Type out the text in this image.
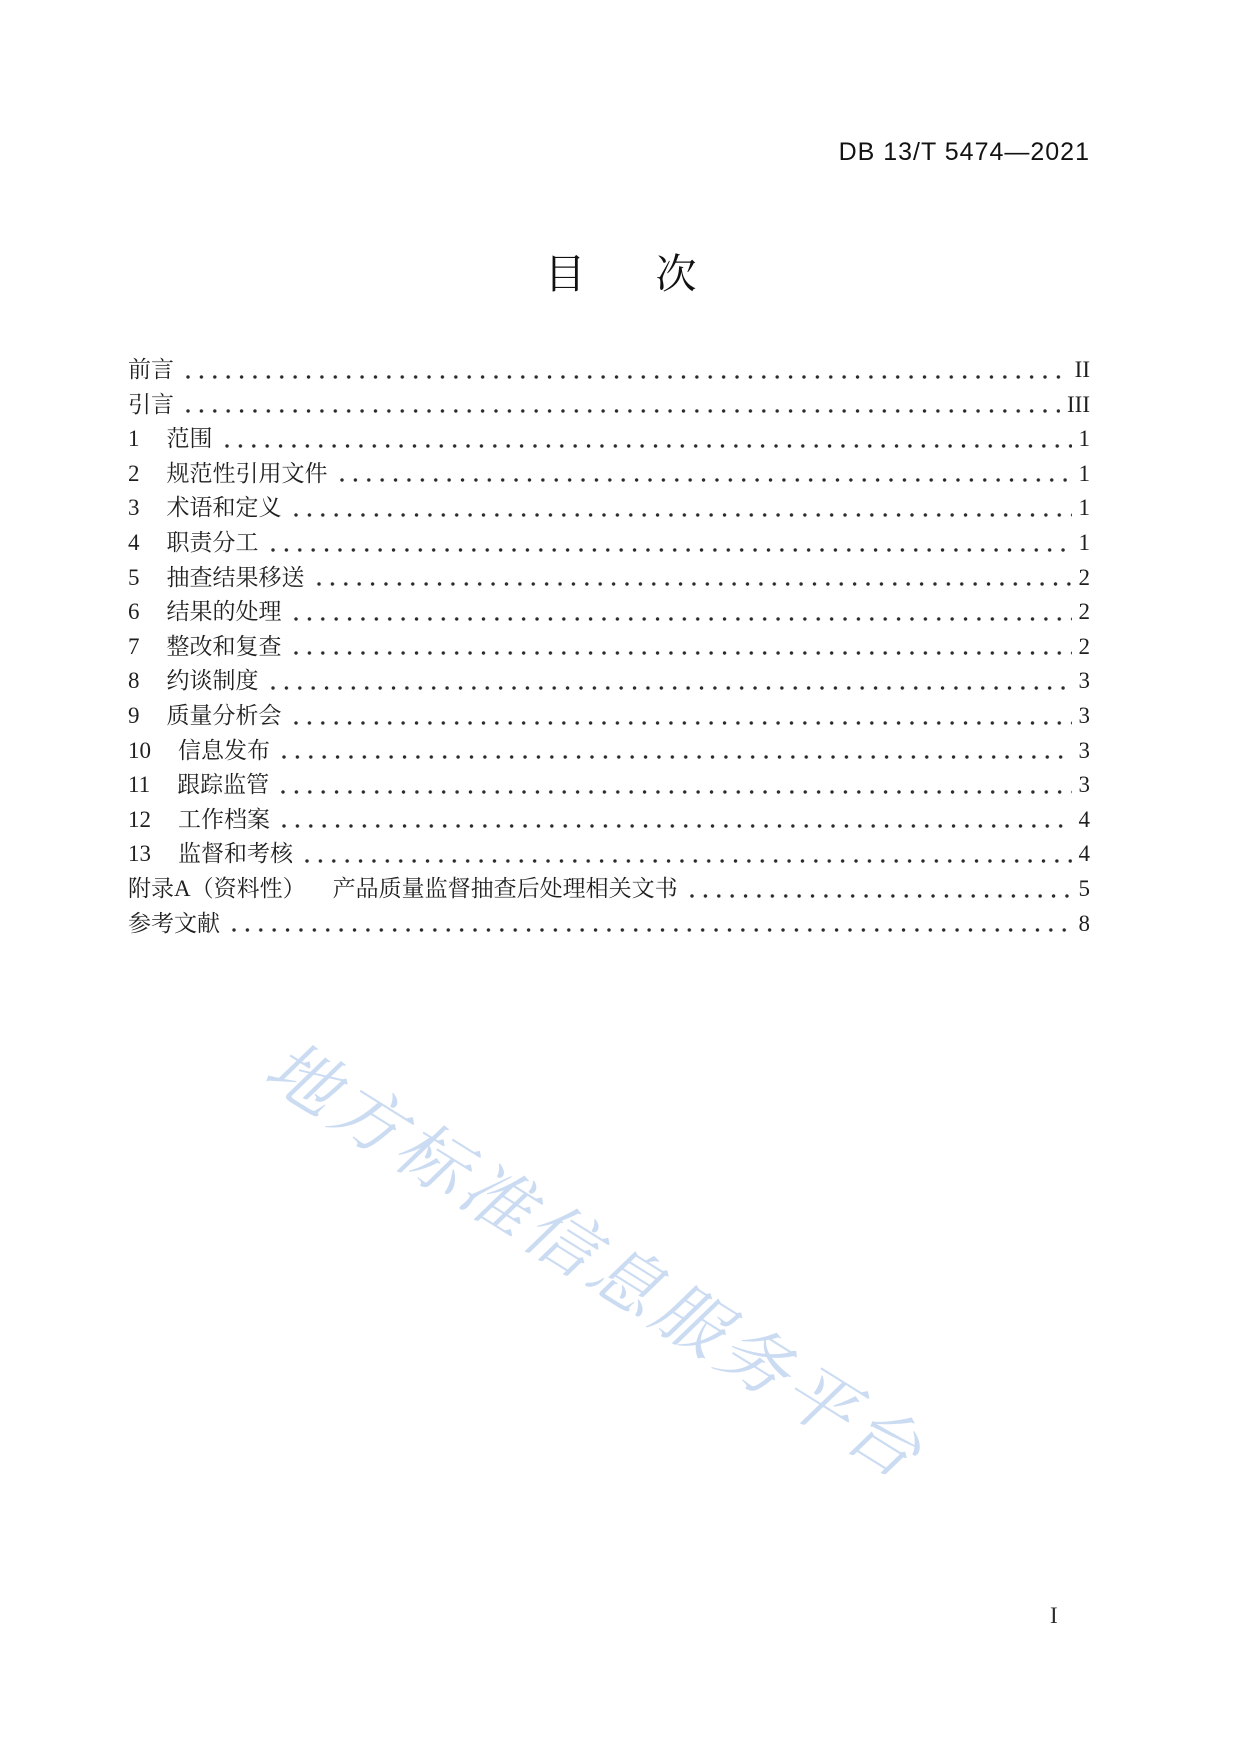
DB 13/T 5474—2021
目 次
前言	II
引言	III
1 范围	1
2 规范性引用文件	1
3 术语和定义	1
4 职责分工	1
5 抽查结果移送	2
6 结果的处理	2
7 整改和复查	2
8 约谈制度	3
9 质量分析会	3
10 信息发布	3
11 跟踪监管	3
12 工作档案	4
13 监督和考核	4
附录A（资料性） 产品质量监督抽查后处理相关文书	5
参考文献	8
地方标准信息服务平台
I
